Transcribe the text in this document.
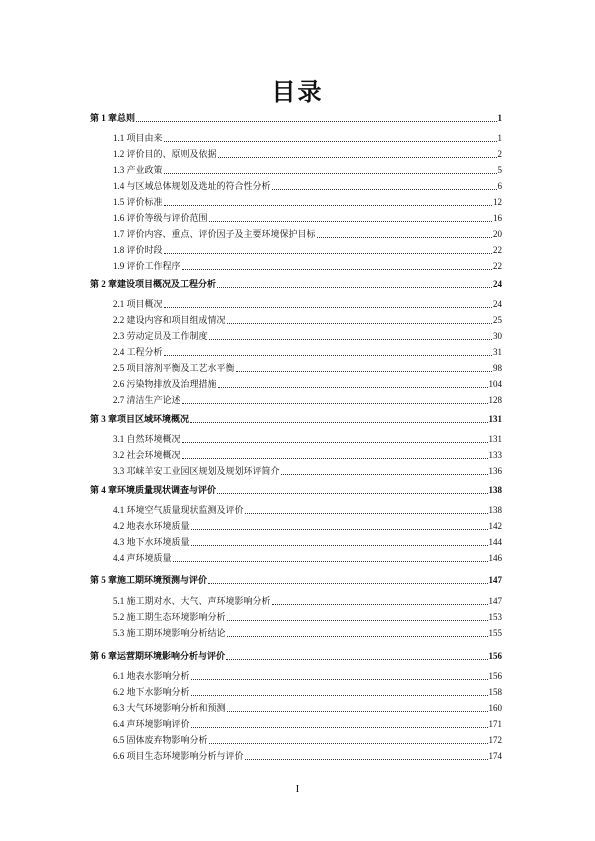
目录
第 1 章总则	1
1.1 项目由来	1
1.2 评价目的、原则及依据	2
1.3 产业政策	5
1.4 与区域总体规划及选址的符合性分析	6
1.5 评价标准	12
1.6 评价等级与评价范围	16
1.7 评价内容、重点、评价因子及主要环境保护目标	20
1.8 评价时段	22
1.9 评价工作程序	22
第 2 章建设项目概况及工程分析	24
2.1 项目概况	24
2.2 建设内容和项目组成情况	25
2.3 劳动定员及工作制度	30
2.4 工程分析	31
2.5 项目溶剂平衡及工艺水平衡	98
2.6 污染物排放及治理措施	104
2.7 清洁生产论述	128
第 3 章项目区域环境概况	131
3.1 自然环境概况	131
3.2 社会环境概况	133
3.3 邛崃羊安工业园区规划及规划环评简介	136
第 4 章环境质量现状调查与评价	138
4.1 环境空气质量现状监测及评价	138
4.2 地表水环境质量	142
4.3 地下水环境质量	144
4.4 声环境质量	146
第 5 章施工期环境预测与评价	147
5.1 施工期对水、大气、声环境影响分析	147
5.2 施工期生态环境影响分析	153
5.3 施工期环境影响分析结论	155
第 6 章运营期环境影响分析与评价	156
6.1 地表水影响分析	156
6.2 地下水影响分析	158
6.3 大气环境影响分析和预测	160
6.4 声环境影响评价	171
6.5 固体废弃物影响分析	172
6.6 项目生态环境影响分析与评价	174
I
